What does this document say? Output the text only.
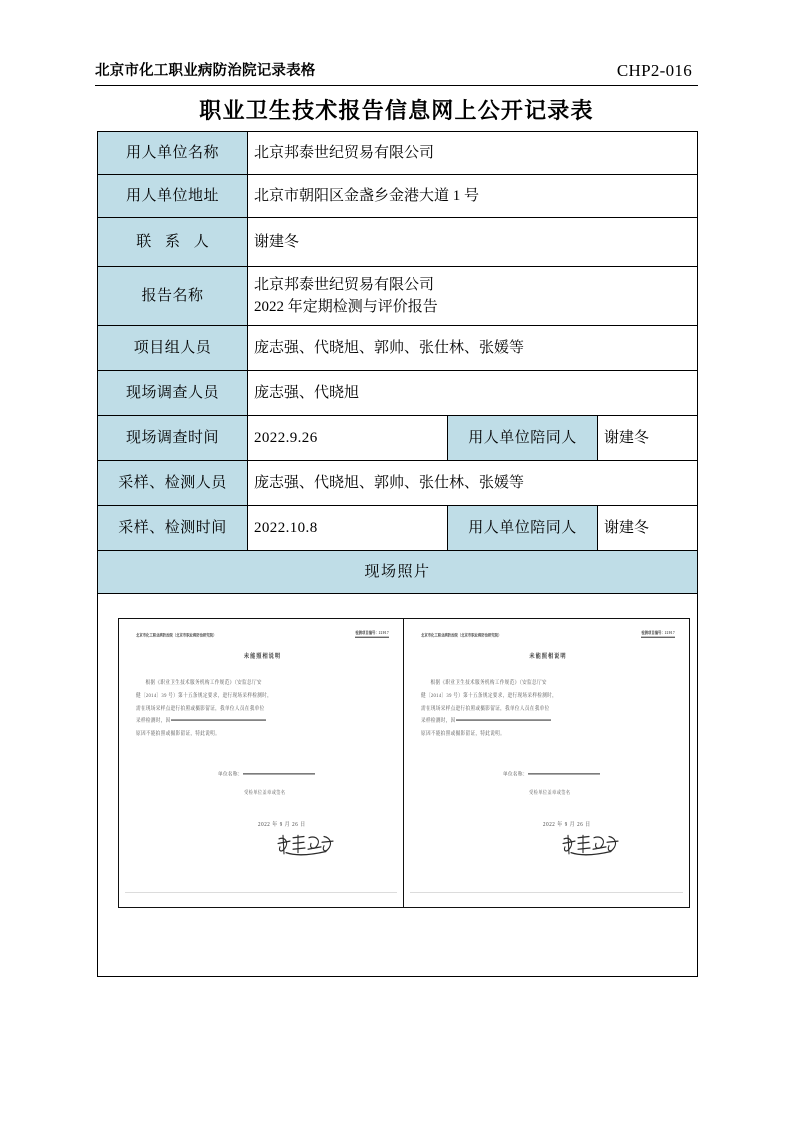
北京市化工职业病防治院记录表格	CHP2-016
职业卫生技术报告信息网上公开记录表
用人单位名称	北京邦泰世纪贸易有限公司		
用人单位地址	北京市朝阳区金盏乡金港大道 1 号		
联 系 人	谢建冬		
报告名称	北京邦泰世纪贸易有限公司
2022 年定期检测与评价报告		

项目组人员	庞志强、代晓旭、郭帅、张仕林、张媛等		
现场调查人员	庞志强、代晓旭		
现场调查时间	2022.9.26	用人单位陪同人	谢建冬
采样、检测人员	庞志强、代晓旭、郭帅、张仕林、张媛等		
采样、检测时间	2022.10.8	用人单位陪同人	谢建冬
现场照片			

北京市化工职业病防治院（北京市职业病防治研究院）	检测项目编号：22017
未能照相说明

根据《职业卫生技术服务机构工作规范》（安监总厅安

健〔2014〕39 号）第十五条规定要求，进行现场采样检测时，

需在现场采样点进行拍照或摄影留证，我单位人员在我单位

采样检测时，因

原因不能拍照或摄影留证，特此说明。

单位名称：
受检单位盖章或签名
2022 年 9 月 26 日
北京市化工职业病防治院（北京市职业病防治研究院）	检测项目编号：22017
未能照相说明

根据《职业卫生技术服务机构工作规范》（安监总厅安

健〔2014〕39 号）第十五条规定要求，进行现场采样检测时，

需在现场采样点进行拍照或摄影留证，我单位人员在我单位

采样检测时，因

原因不能拍照或摄影留证，特此说明。

单位名称：
受检单位盖章或签名
2022 年 9 月 26 日
